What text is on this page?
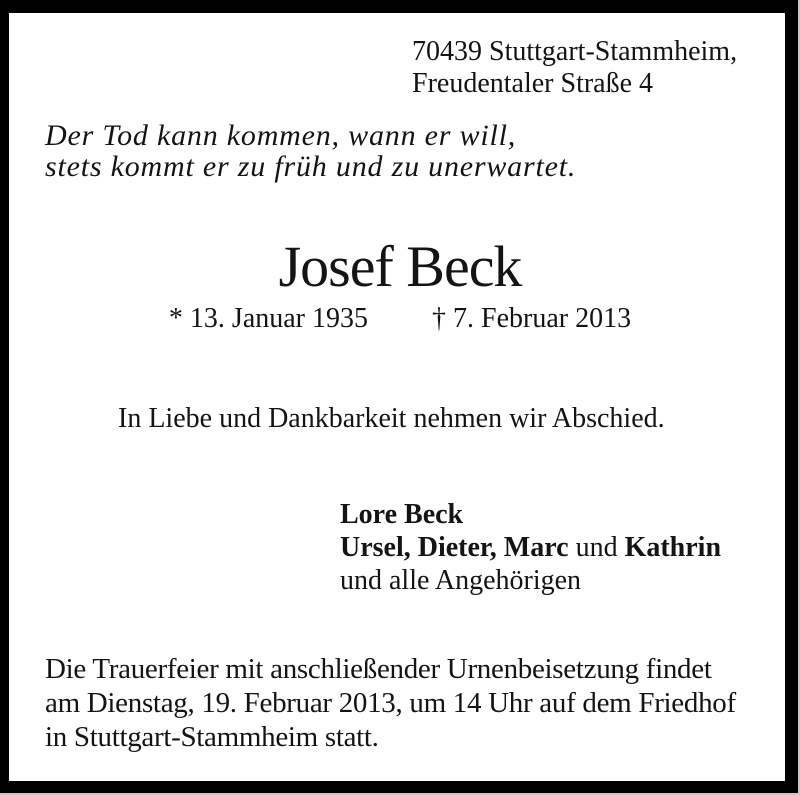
70439 Stuttgart-Stammheim,
Freudentaler Straße 4
Der Tod kann kommen, wann er will,
stets kommt er zu früh und zu unerwartet.
Josef Beck
* 13. Januar 1935 † 7. Februar 2013
In Liebe und Dankbarkeit nehmen wir Abschied.
Lore Beck
Ursel, Dieter, Marc und Kathrin
und alle Angehörigen
Die Trauerfeier mit anschließender Urnenbeisetzung findet
am Dienstag, 19. Februar 2013, um 14 Uhr auf dem Friedhof
in Stuttgart-Stammheim statt.
